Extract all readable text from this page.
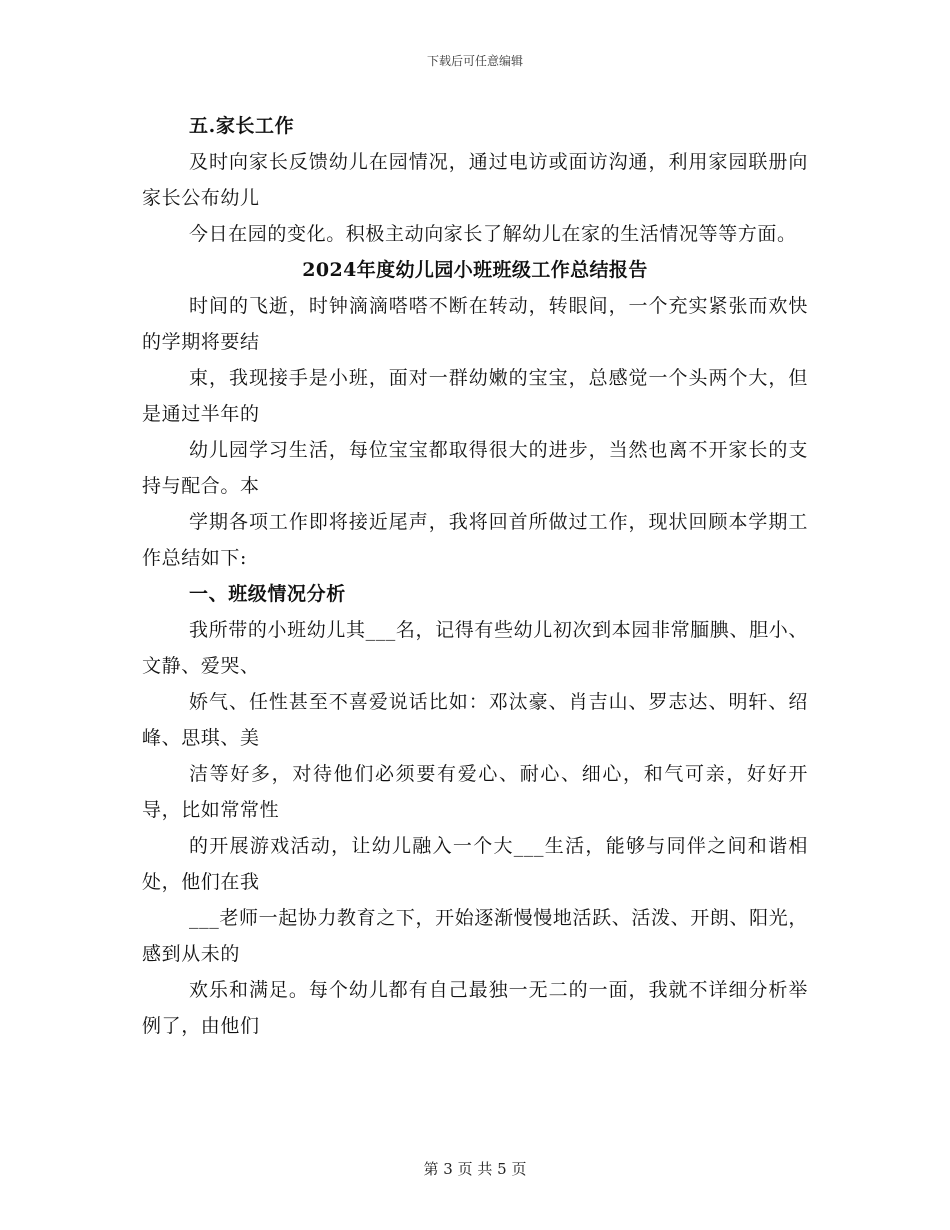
下载后可任意编辑

五.家长工作

及时向家长反馈幼儿在园情况，通过电访或面访沟通，利用家园联册向家长公布幼儿

今日在园的变化。积极主动向家长了解幼儿在家的生活情况等等方面。

2024年度幼儿园小班班级工作总结报告

时间的飞逝，时钟滴滴嗒嗒不断在转动，转眼间，一个充实紧张而欢快的学期将要结

束，我现接手是小班，面对一群幼嫩的宝宝，总感觉一个头两个大，但是通过半年的

幼儿园学习生活，每位宝宝都取得很大的进步，当然也离不开家长的支持与配合。本

学期各项工作即将接近尾声，我将回首所做过工作，现状回顾本学期工作总结如下:

一、班级情况分析

我所带的小班幼儿其___名，记得有些幼儿初次到本园非常腼腆、胆小、文静、爱哭、

娇气、任性甚至不喜爱说话比如：邓汰豪、肖吉山、罗志达、明轩、绍峰、思琪、美

洁等好多，对待他们必须要有爱心、耐心、细心，和气可亲，好好开导，比如常常性

的开展游戏活动，让幼儿融入一个大___生活，能够与同伴之间和谐相处，他们在我

___老师一起协力教育之下，开始逐渐慢慢地活跃、活泼、开朗、阳光，感到从未的

欢乐和满足。每个幼儿都有自己最独一无二的一面，我就不详细分析举例了，由他们

第 3 页 共 5 页
